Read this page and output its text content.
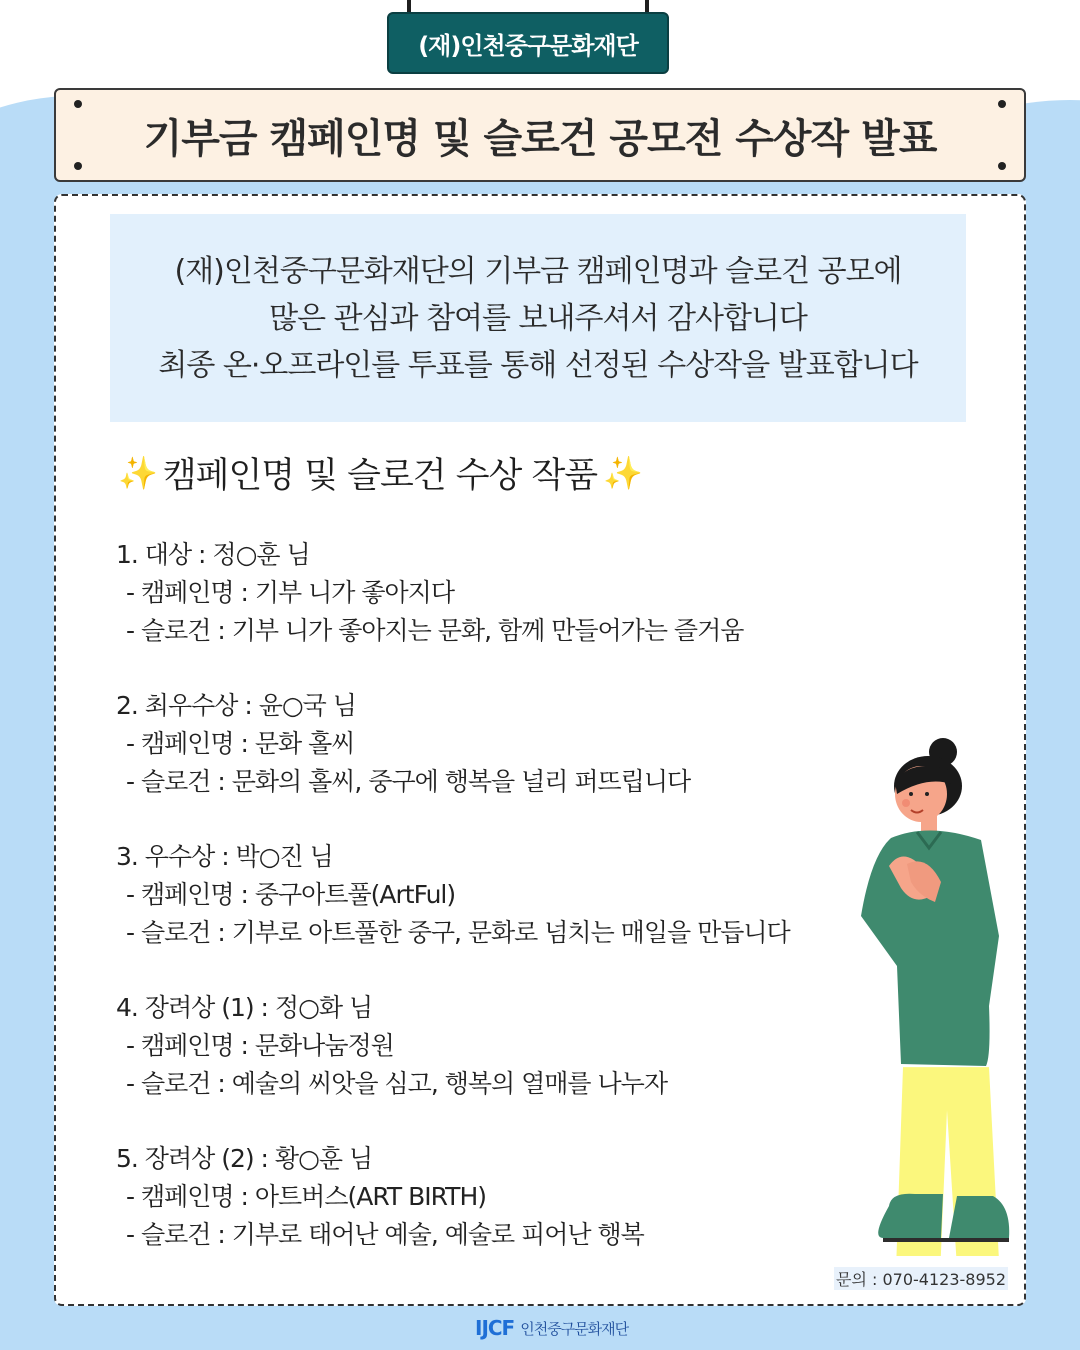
(재)인천중구문화재단
기부금 캠페인명 및 슬로건 공모전 수상작 발표
(재)인천중구문화재단의 기부금 캠페인명과 슬로건 공모에
많은 관심과 참여를 보내주셔서 감사합니다
최종 온·오프라인를 투표를 통해 선정된 수상작을 발표합니다
✨ 캠페인명 및 슬로건 수상 작품 ✨
1. 대상 : 정○훈 님
- 캠페인명 : 기부 니가 좋아지다
- 슬로건 : 기부 니가 좋아지는 문화, 함께 만들어가는 즐거움
2. 최우수상 : 윤○국 님
- 캠페인명 : 문화 홀씨
- 슬로건 : 문화의 홀씨, 중구에 행복을 널리 퍼뜨립니다
3. 우수상 : 박○진 님
- 캠페인명 : 중구아트풀(ArtFul)
- 슬로건 : 기부로 아트풀한 중구, 문화로 넘치는 매일을 만듭니다
4. 장려상 (1) : 정○화 님
- 캠페인명 : 문화나눔정원
- 슬로건 : 예술의 씨앗을 심고, 행복의 열매를 나누자
5. 장려상 (2) : 황○훈 님
- 캠페인명 : 아트버스(ART BIRTH)
- 슬로건 : 기부로 태어난 예술, 예술로 피어난 행복
문의 : 070-4123-8952
IJCF 인천중구문화재단
